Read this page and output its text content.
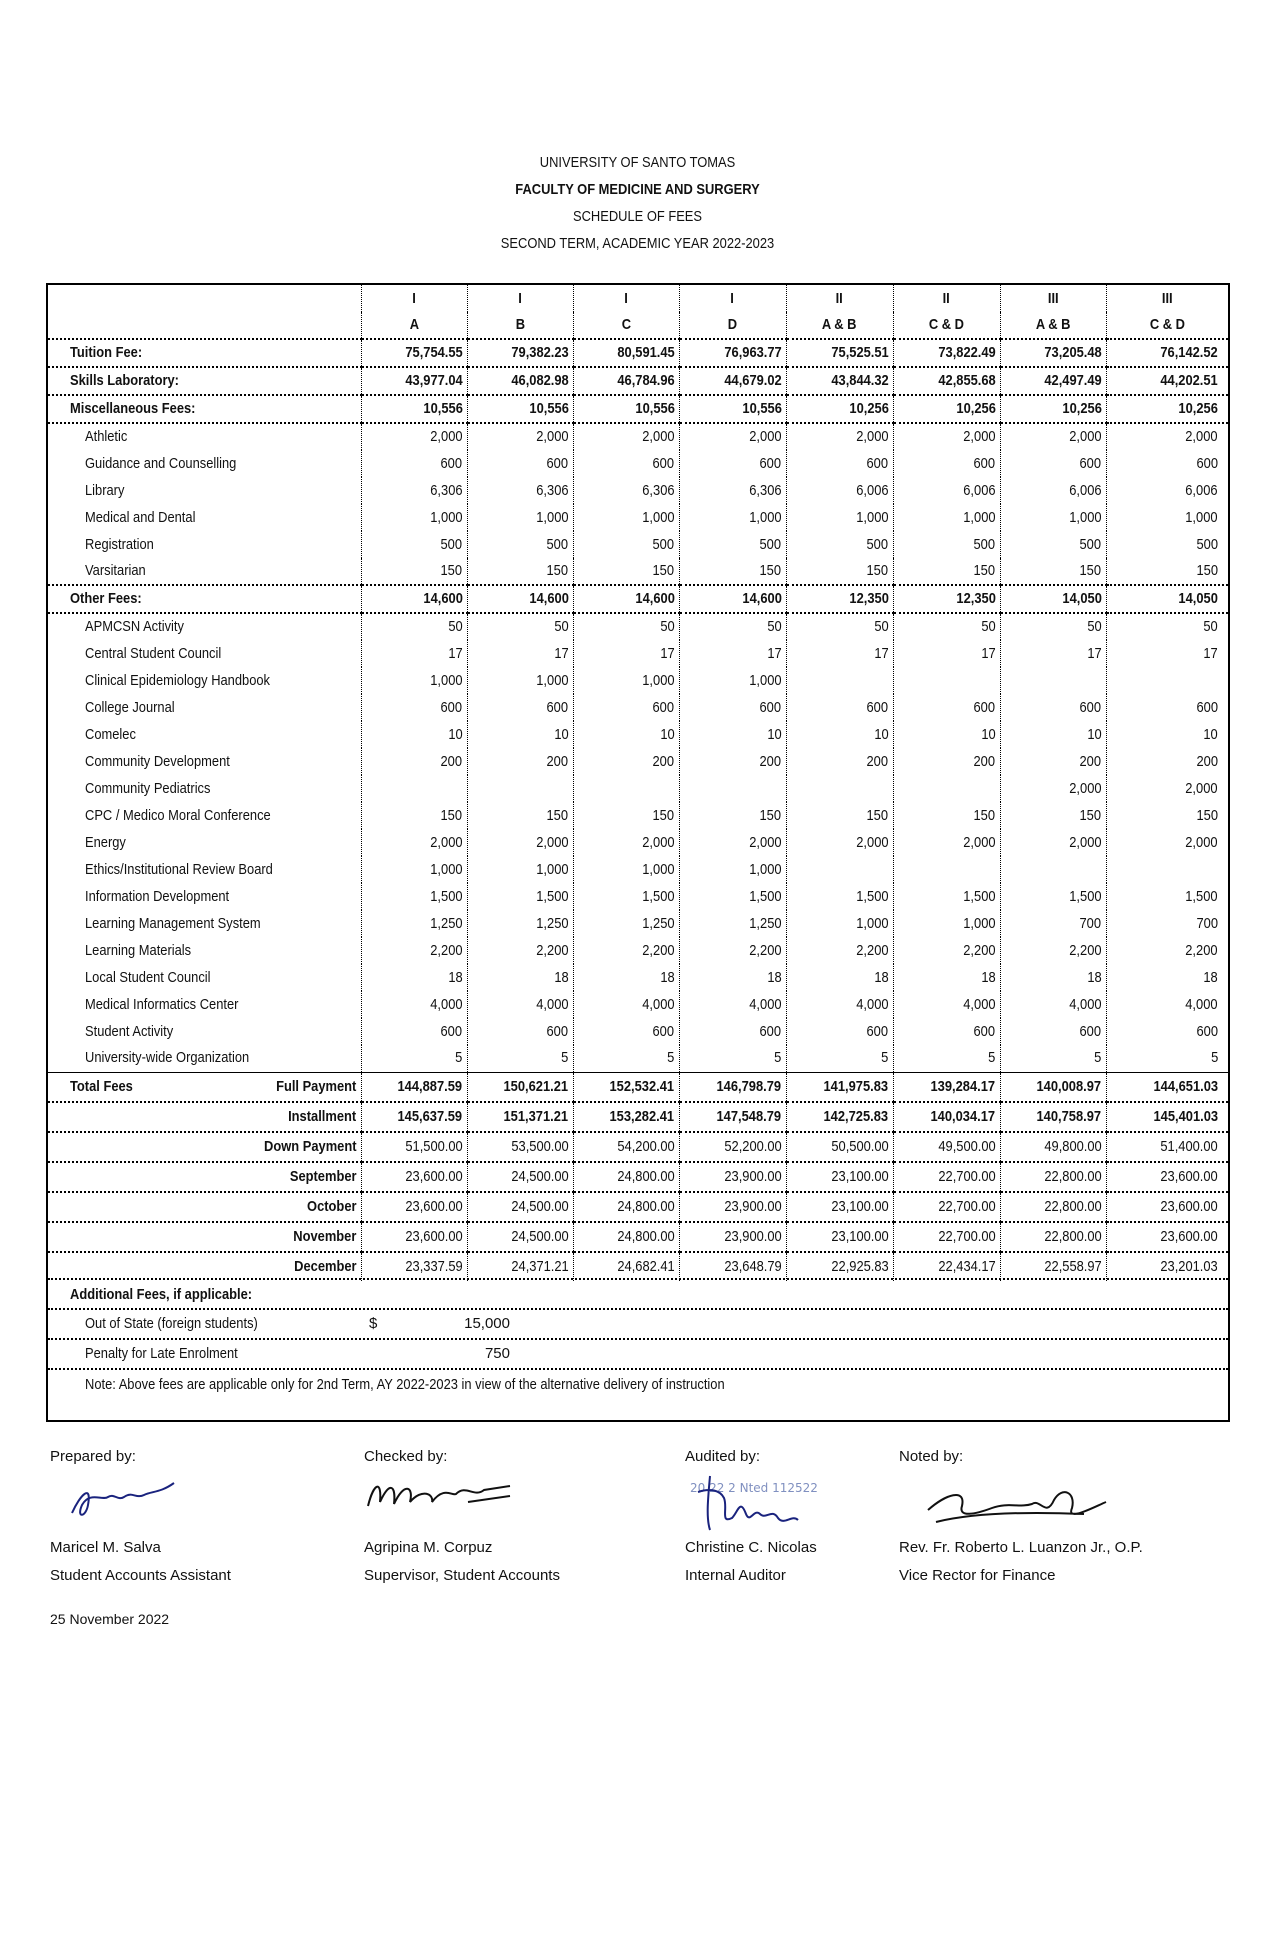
UNIVERSITY OF SANTO TOMAS
FACULTY OF MEDICINE AND SURGERY
SCHEDULE OF FEES
SECOND TERM, ACADEMIC YEAR 2022-2023
	I	I	I	I	II	II	III	III
	A	B	C	D	A & B	C & D	A & B	C & D
Tuition Fee:	75,754.55	79,382.23	80,591.45	76,963.77	75,525.51	73,822.49	73,205.48	76,142.52
Skills Laboratory:	43,977.04	46,082.98	46,784.96	44,679.02	43,844.32	42,855.68	42,497.49	44,202.51
Miscellaneous Fees:	10,556	10,556	10,556	10,556	10,256	10,256	10,256	10,256
Athletic	2,000	2,000	2,000	2,000	2,000	2,000	2,000	2,000
Guidance and Counselling	600	600	600	600	600	600	600	600
Library	6,306	6,306	6,306	6,306	6,006	6,006	6,006	6,006
Medical and Dental	1,000	1,000	1,000	1,000	1,000	1,000	1,000	1,000
Registration	500	500	500	500	500	500	500	500
Varsitarian	150	150	150	150	150	150	150	150
Other Fees:	14,600	14,600	14,600	14,600	12,350	12,350	14,050	14,050
APMCSN Activity	50	50	50	50	50	50	50	50
Central Student Council	17	17	17	17	17	17	17	17
Clinical Epidemiology Handbook	1,000	1,000	1,000	1,000				
College Journal	600	600	600	600	600	600	600	600
Comelec	10	10	10	10	10	10	10	10
Community Development	200	200	200	200	200	200	200	200
Community Pediatrics							2,000	2,000
CPC / Medico Moral Conference	150	150	150	150	150	150	150	150
Energy	2,000	2,000	2,000	2,000	2,000	2,000	2,000	2,000
Ethics/Institutional Review Board	1,000	1,000	1,000	1,000				
Information Development	1,500	1,500	1,500	1,500	1,500	1,500	1,500	1,500
Learning Management System	1,250	1,250	1,250	1,250	1,000	1,000	700	700
Learning Materials	2,200	2,200	2,200	2,200	2,200	2,200	2,200	2,200
Local Student Council	18	18	18	18	18	18	18	18
Medical Informatics Center	4,000	4,000	4,000	4,000	4,000	4,000	4,000	4,000
Student Activity	600	600	600	600	600	600	600	600
University-wide Organization	5	5	5	5	5	5	5	5

Total Fees Full Payment	144,887.59	150,621.21	152,532.41	146,798.79	141,975.83	139,284.17	140,008.97	144,651.03
Installment	145,637.59	151,371.21	153,282.41	147,548.79	142,725.83	140,034.17	140,758.97	145,401.03
Down Payment	51,500.00	53,500.00	54,200.00	52,200.00	50,500.00	49,500.00	49,800.00	51,400.00
September	23,600.00	24,500.00	24,800.00	23,900.00	23,100.00	22,700.00	22,800.00	23,600.00
October	23,600.00	24,500.00	24,800.00	23,900.00	23,100.00	22,700.00	22,800.00	23,600.00
November	23,600.00	24,500.00	24,800.00	23,900.00	23,100.00	22,700.00	22,800.00	23,600.00
December	23,337.59	24,371.21	24,682.41	23,648.79	22,925.83	22,434.17	22,558.97	23,201.03
Additional Fees, if applicable:
Out of State (foreign students)	$	15,000
Penalty for Late Enrolment	750
Note: Above fees are applicable only for 2nd Term, AY 2022-2023 in view of the alternative delivery of instruction
Prepared by:	Checked by:	Audited by:	Noted by:
20 22 2 Nted 112522
Maricel M. Salva	Agripina M. Corpuz	Christine C. Nicolas	Rev. Fr. Roberto L. Luanzon Jr., O.P.
Student Accounts Assistant	Supervisor, Student Accounts	Internal Auditor	Vice Rector for Finance
25 November 2022
